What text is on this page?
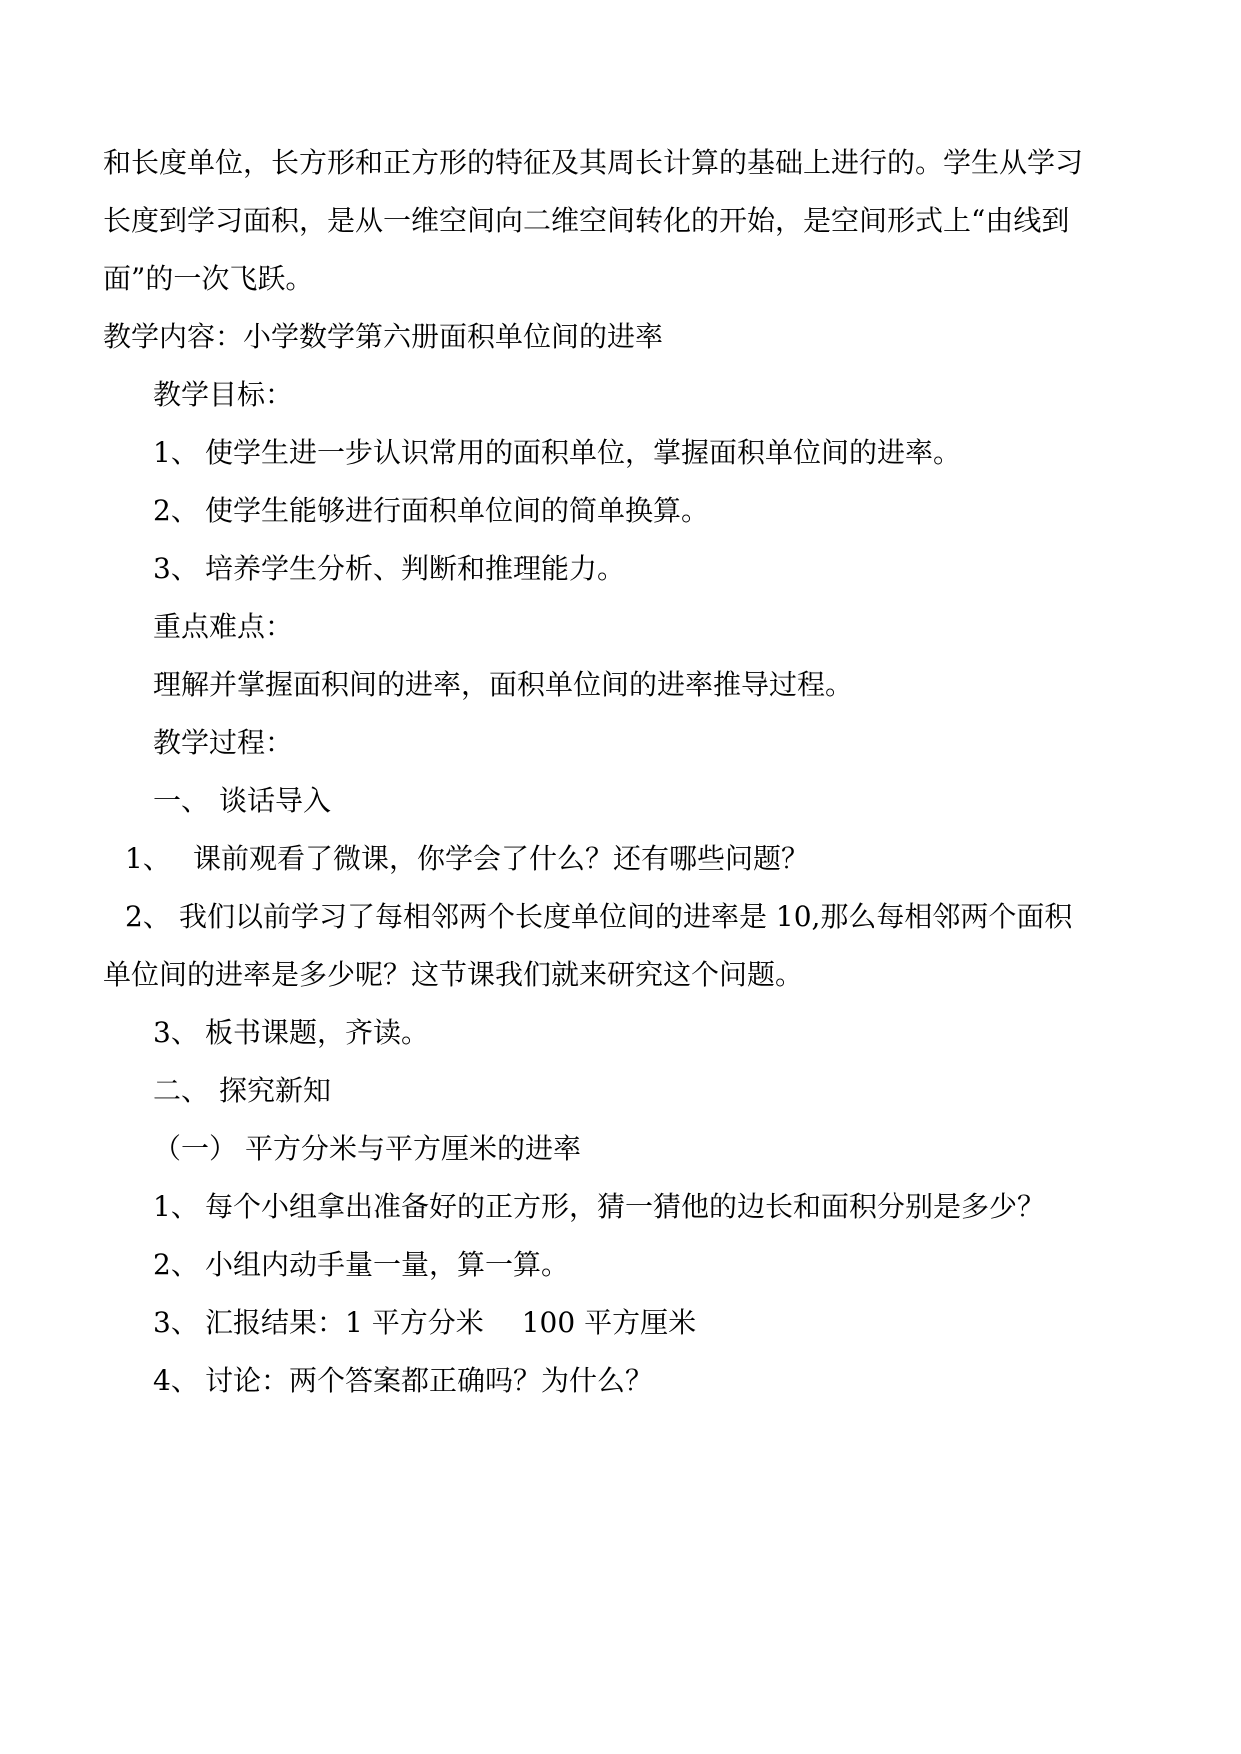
和长度单位，长方形和正方形的特征及其周长计算的基础上进行的。学生从学习

长度到学习面积，是从一维空间向二维空间转化的开始，是空间形式上“由线到

面”的一次飞跃。

教学内容：小学数学第六册面积单位间的进率

教学目标：

1、 使学生进一步认识常用的面积单位，掌握面积单位间的进率。

2、 使学生能够进行面积单位间的简单换算。

3、 培养学生分析、判断和推理能力。

重点难点：

理解并掌握面积间的进率，面积单位间的进率推导过程。

教学过程：

一、 谈话导入

1、 课前观看了微课，你学会了什么？还有哪些问题？

2、 我们以前学习了每相邻两个长度单位间的进率是 10,那么每相邻两个面积

单位间的进率是多少呢？这节课我们就来研究这个问题。

3、 板书课题，齐读。

二、 探究新知

（一） 平方分米与平方厘米的进率

1、 每个小组拿出准备好的正方形，猜一猜他的边长和面积分别是多少？

2、 小组内动手量一量，算一算。

3、 汇报结果：1 平方分米 100 平方厘米

4、 讨论：两个答案都正确吗？为什么？
